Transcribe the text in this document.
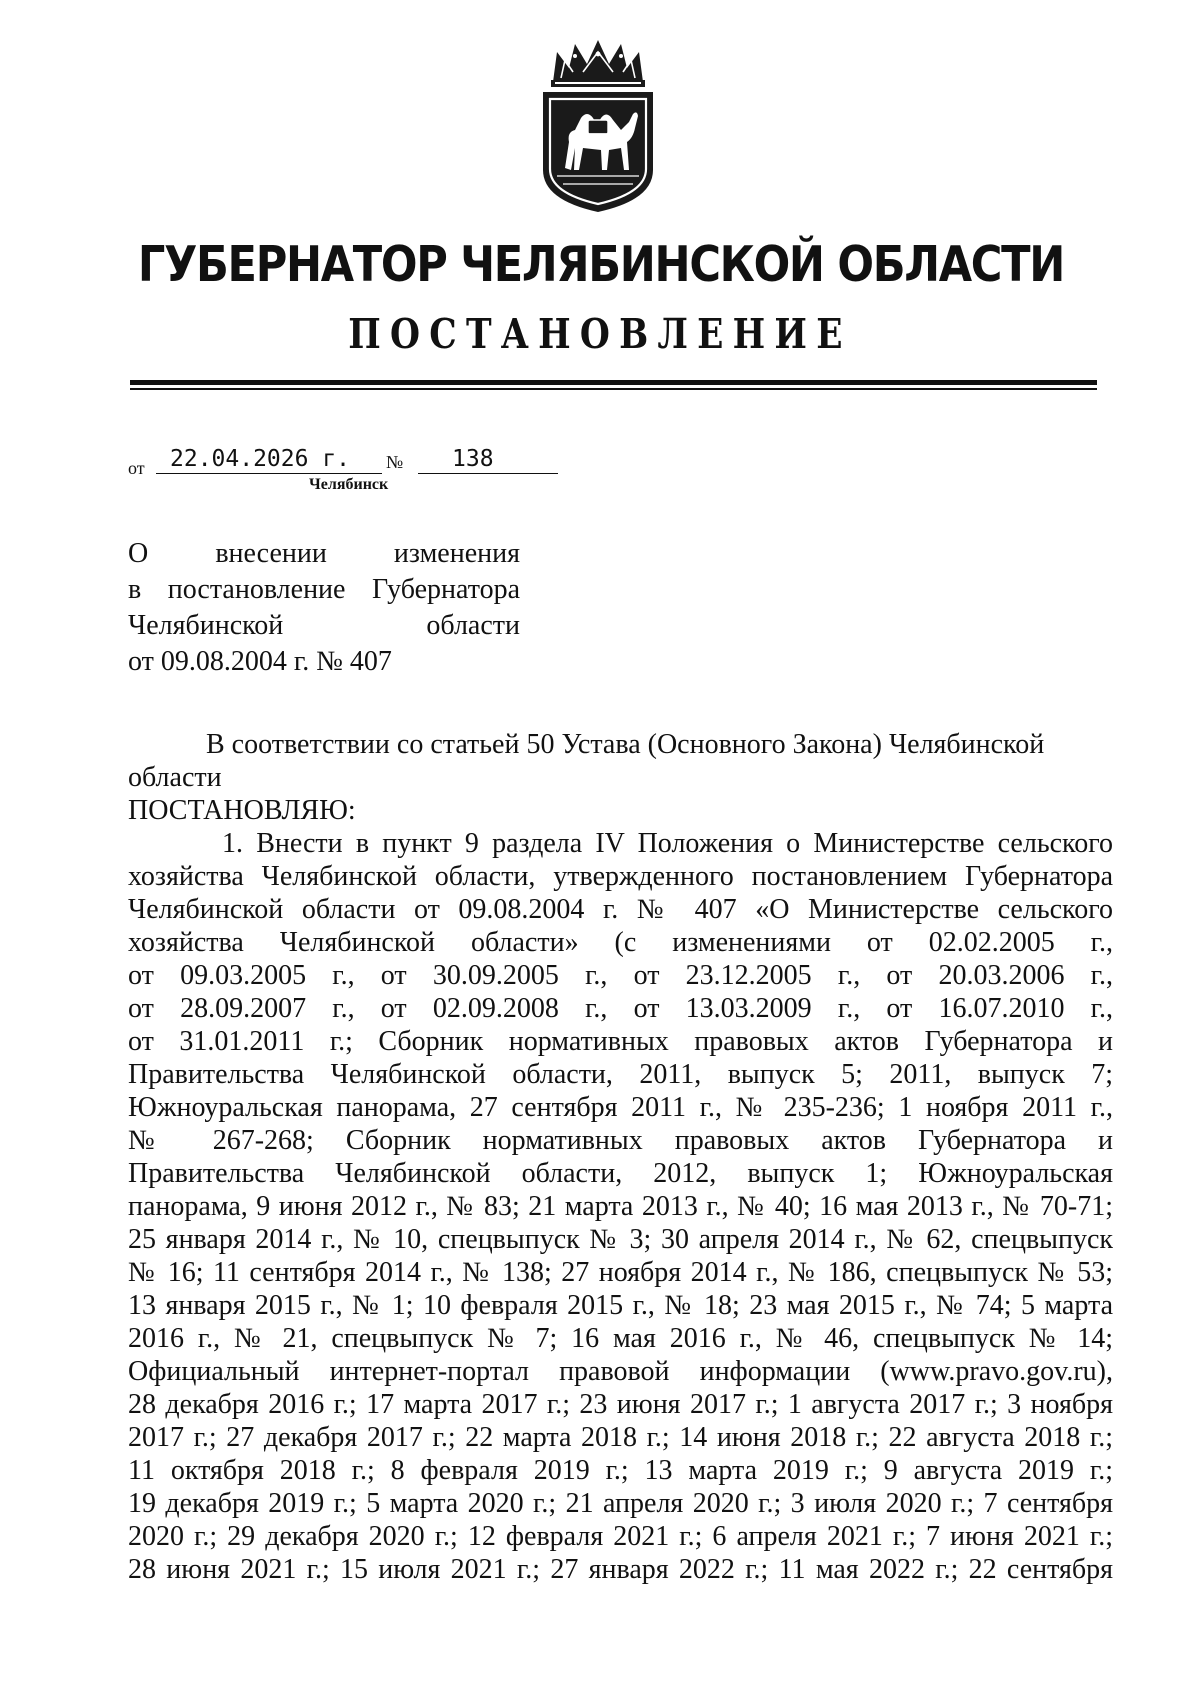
ГУБЕРНАТОР ЧЕЛЯБИНСКОЙ ОБЛАСТИ
ПОСТАНОВЛЕНИЕ
от 22.04.2026 г. № 138
Челябинск
О внесении изменения
в постановление Губернатора
Челябинской области
от 09.08.2004 г. № 407

В соответствии со статьей 50 Устава (Основного Закона) Челябинской области

ПОСТАНОВЛЯЮ:

1. Внести в пункт 9 раздела IV Положения о Министерстве сельского
хозяйства Челябинской области, утвержденного постановлением Губернатора
Челябинской области от 09.08.2004 г. № 407 «О Министерстве сельского
хозяйства Челябинской области» (с изменениями от 02.02.2005 г.,
от 09.03.2005 г., от 30.09.2005 г., от 23.12.2005 г., от 20.03.2006 г.,
от 28.09.2007 г., от 02.09.2008 г., от 13.03.2009 г., от 16.07.2010 г.,
от 31.01.2011 г.; Сборник нормативных правовых актов Губернатора и
Правительства Челябинской области, 2011, выпуск 5; 2011, выпуск 7;
Южноуральская панорама, 27 сентября 2011 г., № 235-236; 1 ноября 2011 г.,
№ 267-268; Сборник нормативных правовых актов Губернатора и
Правительства Челябинской области, 2012, выпуск 1; Южноуральская
панорама, 9 июня 2012 г., № 83; 21 марта 2013 г., № 40; 16 мая 2013 г., № 70-71;
25 января 2014 г., № 10, спецвыпуск № 3; 30 апреля 2014 г., № 62, спецвыпуск
№ 16; 11 сентября 2014 г., № 138; 27 ноября 2014 г., № 186, спецвыпуск № 53;
13 января 2015 г., № 1; 10 февраля 2015 г., № 18; 23 мая 2015 г., № 74; 5 марта
2016 г., № 21, спецвыпуск № 7; 16 мая 2016 г., № 46, спецвыпуск № 14;
Официальный интернет-портал правовой информации (www.pravo.gov.ru),
28 декабря 2016 г.; 17 марта 2017 г.; 23 июня 2017 г.; 1 августа 2017 г.; 3 ноября
2017 г.; 27 декабря 2017 г.; 22 марта 2018 г.; 14 июня 2018 г.; 22 августа 2018 г.;
11 октября 2018 г.; 8 февраля 2019 г.; 13 марта 2019 г.; 9 августа 2019 г.;
19 декабря 2019 г.; 5 марта 2020 г.; 21 апреля 2020 г.; 3 июля 2020 г.; 7 сентября
2020 г.; 29 декабря 2020 г.; 12 февраля 2021 г.; 6 апреля 2021 г.; 7 июня 2021 г.;
28 июня 2021 г.; 15 июля 2021 г.; 27 января 2022 г.; 11 мая 2022 г.; 22 сентября
